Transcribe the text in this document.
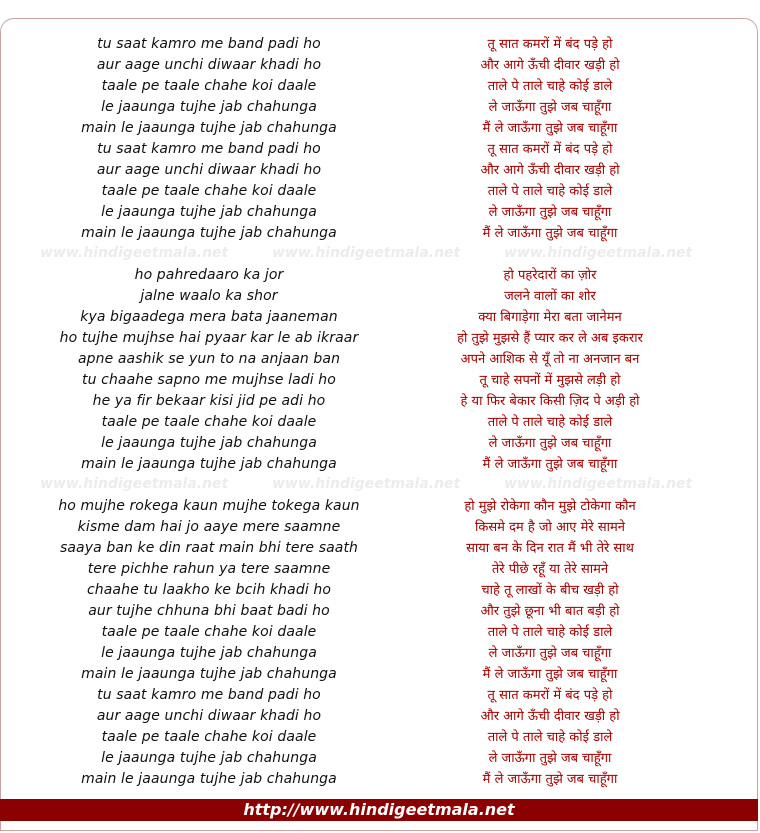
tu saat kamro me band padi ho	तू सात कमरों में बंद पड़े हो
aur aage unchi diwaar khadi ho	और आगे ऊँची दीवार खड़ी हो
taale pe taale chahe koi daale	ताले पे ताले चाहे कोई डाले
le jaaunga tujhe jab chahunga	ले जाऊँगा तुझे जब चाहूँगा
main le jaaunga tujhe jab chahunga	मैं ले जाऊँगा तुझे जब चाहूँगा
tu saat kamro me band padi ho	तू सात कमरों में बंद पड़े हो
aur aage unchi diwaar khadi ho	और आगे ऊँची दीवार खड़ी हो
taale pe taale chahe koi daale	ताले पे ताले चाहे कोई डाले
le jaaunga tujhe jab chahunga	ले जाऊँगा तुझे जब चाहूँगा
main le jaaunga tujhe jab chahunga	मैं ले जाऊँगा तुझे जब चाहूँगा
ho pahredaaro ka jor	हो पहरेदारों का ज़ोर
jalne waalo ka shor	जलने वालों का शोर
kya bigaadega mera bata jaaneman	क्या बिगाड़ेगा मेरा बता जानेमन
ho tujhe mujhse hai pyaar kar le ab ikraar	हो तुझे मुझसे हैं प्यार कर ले अब इकरार
apne aashik se yun to na anjaan ban	अपने आशिक से यूँ तो ना अनजान बन
tu chaahe sapno me mujhse ladi ho	तू चाहे सपनों में मुझसे लड़ी हो
he ya fir bekaar kisi jid pe adi ho	हे या फिर बेकार किसी ज़िद पे अड़ी हो
taale pe taale chahe koi daale	ताले पे ताले चाहे कोई डाले
le jaaunga tujhe jab chahunga	ले जाऊँगा तुझे जब चाहूँगा
main le jaaunga tujhe jab chahunga	मैं ले जाऊँगा तुझे जब चाहूँगा
ho mujhe rokega kaun mujhe tokega kaun	हो मुझे रोकेगा कौन मुझे टोकेगा कौन
kisme dam hai jo aaye mere saamne	किसमे दम है जो आए मेरे सामने
saaya ban ke din raat main bhi tere saath	साया बन के दिन रात मैं भी तेरे साथ
tere pichhe rahun ya tere saamne	तेरे पीछे रहूँ या तेरे सामने
chaahe tu laakho ke bcih khadi ho	चाहे तू लाखों के बीच खड़ी हो
aur tujhe chhuna bhi baat badi ho	और तुझे छूना भी बात बड़ी हो
taale pe taale chahe koi daale	ताले पे ताले चाहे कोई डाले
le jaaunga tujhe jab chahunga	ले जाऊँगा तुझे जब चाहूँगा
main le jaaunga tujhe jab chahunga	मैं ले जाऊँगा तुझे जब चाहूँगा
tu saat kamro me band padi ho	तू सात कमरों में बंद पड़े हो
aur aage unchi diwaar khadi ho	और आगे ऊँची दीवार खड़ी हो
taale pe taale chahe koi daale	ताले पे ताले चाहे कोई डाले
le jaaunga tujhe jab chahunga	ले जाऊँगा तुझे जब चाहूँगा
main le jaaunga tujhe jab chahunga	मैं ले जाऊँगा तुझे जब चाहूँगा
www.hindigeetmala.net	www.hindigeetmala.net	www.hindigeetmala.net
www.hindigeetmala.net	www.hindigeetmala.net	www.hindigeetmala.net
http://www.hindigeetmala.net
